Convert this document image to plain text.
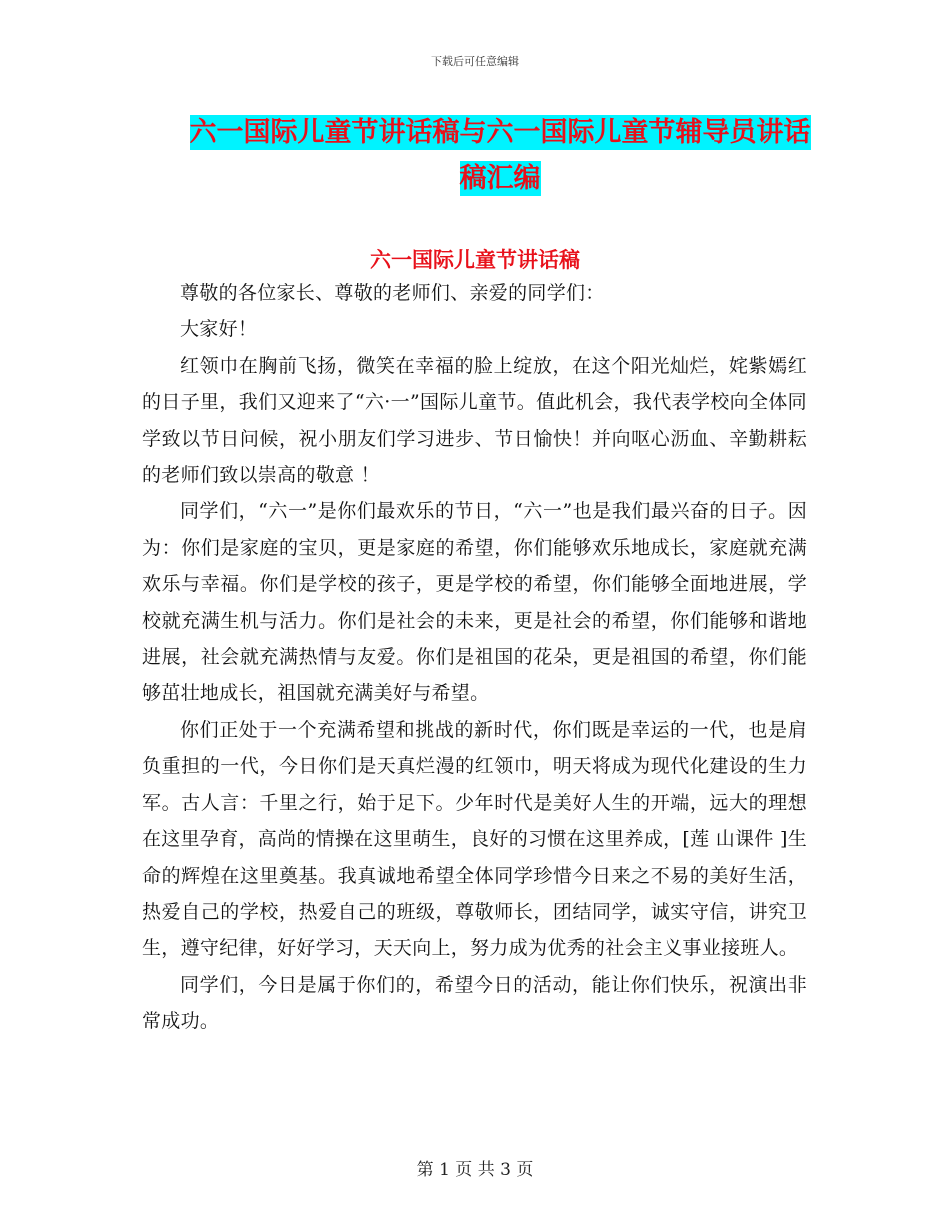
下载后可任意编辑
六一国际儿童节讲话稿与六一国际儿童节辅导员讲话
稿汇编
六一国际儿童节讲话稿

尊敬的各位家长、尊敬的老师们、亲爱的同学们：

大家好！

红领巾在胸前飞扬，微笑在幸福的脸上绽放，在这个阳光灿烂，姹紫嫣红的日子里，我们又迎来了“六·一”国际儿童节。值此机会，我代表学校向全体同学致以节日问候，祝小朋友们学习进步、节日愉快！并向呕心沥血、辛勤耕耘的老师们致以崇高的敬意 ！

同学们，“六一”是你们最欢乐的节日，“六一”也是我们最兴奋的日子。因为：你们是家庭的宝贝，更是家庭的希望，你们能够欢乐地成长，家庭就充满欢乐与幸福。你们是学校的孩子，更是学校的希望，你们能够全面地进展，学校就充满生机与活力。你们是社会的未来，更是社会的希望，你们能够和谐地进展，社会就充满热情与友爱。你们是祖国的花朵，更是祖国的希望，你们能够茁壮地成长，祖国就充满美好与希望。

你们正处于一个充满希望和挑战的新时代，你们既是幸运的一代，也是肩负重担的一代，今日你们是天真烂漫的红领巾，明天将成为现代化建设的生力军。古人言：千里之行，始于足下。少年时代是美好人生的开端，远大的理想在这里孕育，高尚的情操在这里萌生，良好的习惯在这里养成，[莲 山课件 ]生命的辉煌在这里奠基。我真诚地希望全体同学珍惜今日来之不易的美好生活，热爱自己的学校，热爱自己的班级，尊敬师长，团结同学，诚实守信，讲究卫生，遵守纪律，好好学习，天天向上，努力成为优秀的社会主义事业接班人。

同学们，今日是属于你们的，希望今日的活动，能让你们快乐，祝演出非常成功。

第 1 页 共 3 页
